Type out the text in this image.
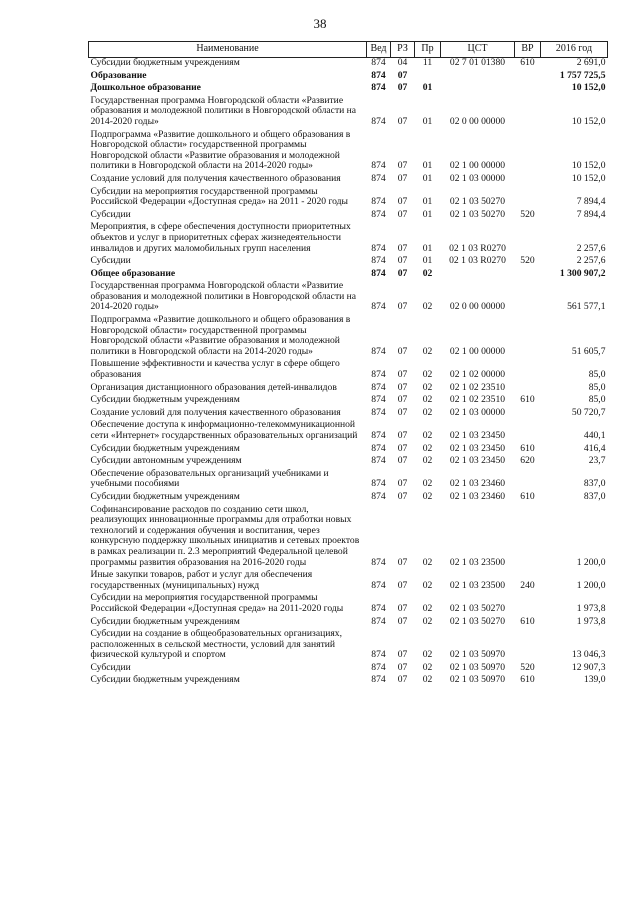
38
Наименование	Вед	РЗ	Пр	ЦСТ	ВР	2016 год
Субсидии бюджетным учреждениям	874	04	11	02 7 01 01380	610	2 691,0
Образование	874	07				1 757 725,5
Дошкольное образование	874	07	01			10 152,0
Государственная программа Новгородской области «Развитие образования и молодежной политики в Новгородской области на 2014-2020 годы»	874	07	01	02 0 00 00000		10 152,0
Подпрограмма «Развитие дошкольного и общего образования в Новгородской области» государственной программы Новгородской области «Развитие образования и молодежной политики в Новгородской области на 2014-2020 годы»	874	07	01	02 1 00 00000		10 152,0
Создание условий для получения качественного образования	874	07	01	02 1 03 00000		10 152,0
Субсидии на мероприятия государственной программы Российской Федерации «Доступная среда» на 2011 - 2020 годы	874	07	01	02 1 03 50270		7 894,4
Субсидии	874	07	01	02 1 03 50270	520	7 894,4
Мероприятия, в сфере обеспечения доступности приоритетных объектов и услуг в приоритетных сферах жизнедеятельности инвалидов и других маломобильных групп населения	874	07	01	02 1 03 R0270		2 257,6
Субсидии	874	07	01	02 1 03 R0270	520	2 257,6
Общее образование	874	07	02			1 300 907,2
Государственная программа Новгородской области «Развитие образования и молодежной политики в Новгородской области на 2014-2020 годы»	874	07	02	02 0 00 00000		561 577,1
Подпрограмма «Развитие дошкольного и общего образования в Новгородской области» государственной программы Новгородской области «Развитие образования и молодежной политики в Новгородской области на 2014-2020 годы»	874	07	02	02 1 00 00000		51 605,7
Повышение эффективности и качества услуг в сфере общего образования	874	07	02	02 1 02 00000		85,0
Организация дистанционного образования детей-инвалидов	874	07	02	02 1 02 23510		85,0
Субсидии бюджетным учреждениям	874	07	02	02 1 02 23510	610	85,0
Создание условий для получения качественного образования	874	07	02	02 1 03 00000		50 720,7
Обеспечение доступа к информационно-телекоммуникационной сети «Интернет» государственных образовательных организаций	874	07	02	02 1 03 23450		440,1
Субсидии бюджетным учреждениям	874	07	02	02 1 03 23450	610	416,4
Субсидии автономным учреждениям	874	07	02	02 1 03 23450	620	23,7
Обеспечение образовательных организаций учебниками и учебными пособиями	874	07	02	02 1 03 23460		837,0
Субсидии бюджетным учреждениям	874	07	02	02 1 03 23460	610	837,0
Софинансирование расходов по созданию сети школ, реализующих инновационные программы для отработки новых технологий и содержания обучения и воспитания, через конкурсную поддержку школьных инициатив и сетевых проектов в рамках реализации п. 2.3 мероприятий Федеральной целевой программы развития образования на 2016-2020 годы	874	07	02	02 1 03 23500		1 200,0
Иные закупки товаров, работ и услуг для обеспечения государственных (муниципальных) нужд	874	07	02	02 1 03 23500	240	1 200,0
Субсидии на мероприятия государственной программы Российской Федерации «Доступная среда» на 2011-2020 годы	874	07	02	02 1 03 50270		1 973,8
Субсидии бюджетным учреждениям	874	07	02	02 1 03 50270	610	1 973,8
Субсидии на создание в общеобразовательных организациях, расположенных в сельской местности, условий для занятий физической культурой и спортом	874	07	02	02 1 03 50970		13 046,3
Субсидии	874	07	02	02 1 03 50970	520	12 907,3
Субсидии бюджетным учреждениям	874	07	02	02 1 03 50970	610	139,0
